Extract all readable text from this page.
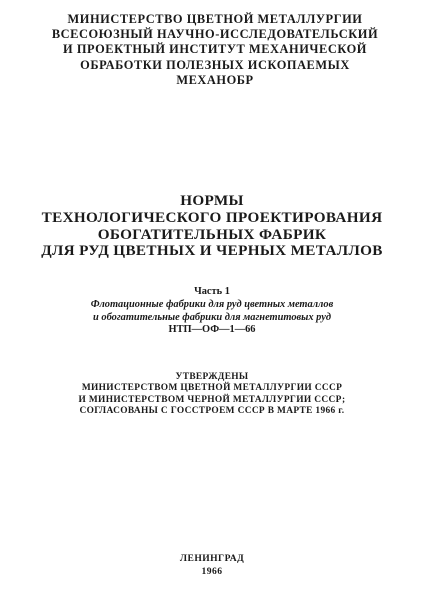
МИНИСТЕРСТВО ЦВЕТНОЙ МЕТАЛЛУРГИИ
ВСЕСОЮЗНЫЙ НАУЧНО-ИССЛЕДОВАТЕЛЬСКИЙ
И ПРОЕКТНЫЙ ИНСТИТУТ МЕХАНИЧЕСКОЙ
ОБРАБОТКИ ПОЛЕЗНЫХ ИСКОПАЕМЫХ
МЕХАНОБР
НОРМЫ
ТЕХНОЛОГИЧЕСКОГО ПРОЕКТИРОВАНИЯ
ОБОГАТИТЕЛЬНЫХ ФАБРИК
ДЛЯ РУД ЦВЕТНЫХ И ЧЕРНЫХ МЕТАЛЛОВ
Часть 1
Флотационные фабрики для руд цветных металлов
и обогатительные фабрики для магнетитовых руд
НТП—ОФ—1—66
УТВЕРЖДЕНЫ
МИНИСТЕРСТВОМ ЦВЕТНОЙ МЕТАЛЛУРГИИ СССР
И МИНИСТЕРСТВОМ ЧЕРНОЙ МЕТАЛЛУРГИИ СССР;
СОГЛАСОВАНЫ С ГОССТРОЕМ СССР В МАРТЕ 1966 г.
ЛЕНИНГРАД
1966
